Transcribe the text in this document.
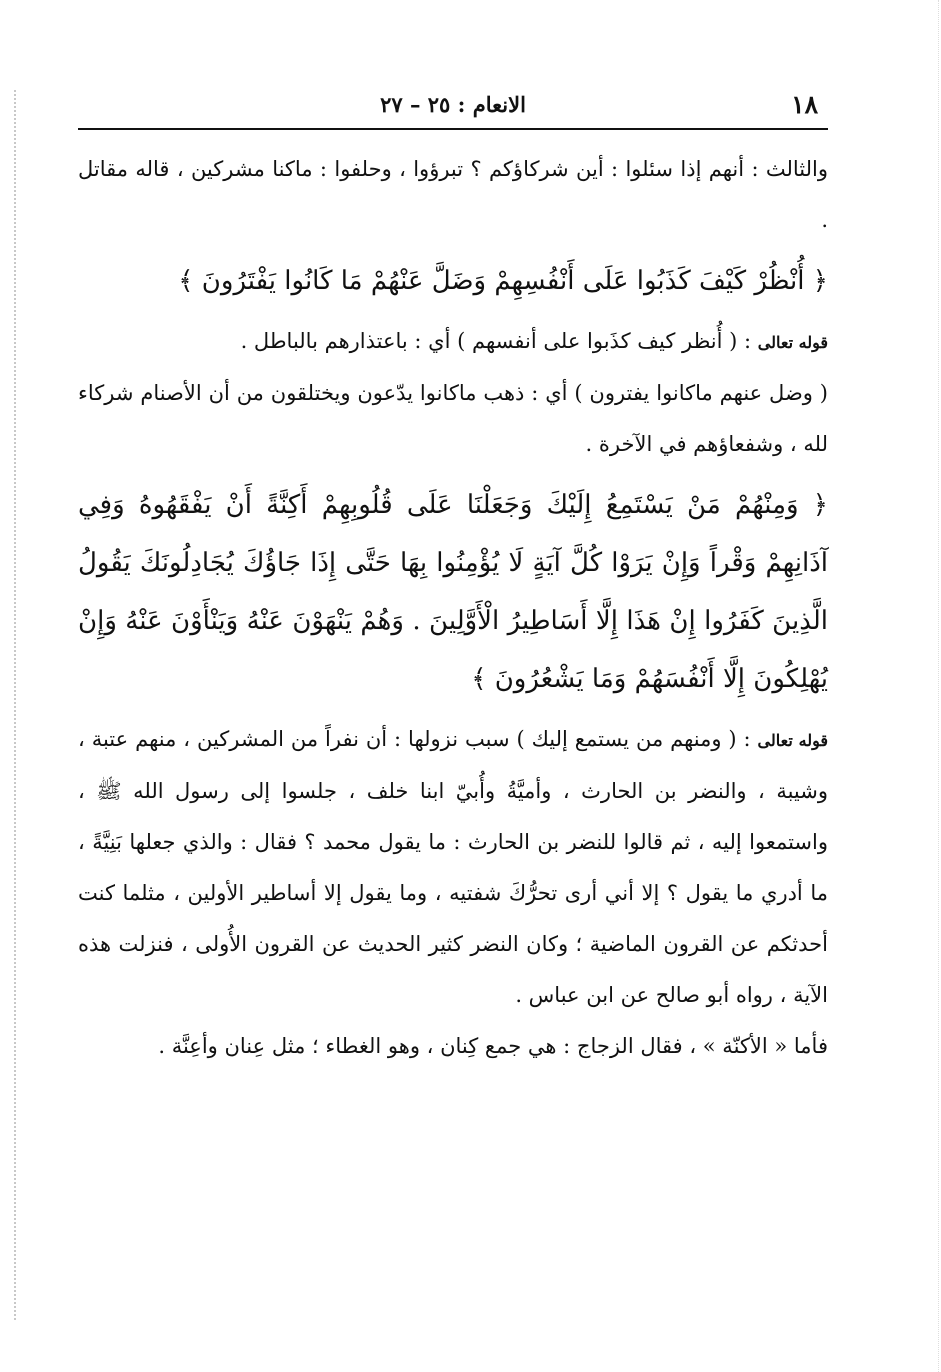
١٨
الانعام : ٢٥ – ٢٧

والثالث : أنهم إذا سئلوا : أين شركاؤكم ؟ تبرؤوا ، وحلفوا : ماكنا مشركين ، قاله مقاتل .

﴿ أُنْظُرْ كَيْفَ كَذَبُوا عَلَى أَنْفُسِهِمْ وَضَلَّ عَنْهُمْ مَا كَانُوا يَفْتَرُونَ ﴾

قوله تعالى : ( أُنظر كيف كذَبوا على أنفسهم ) أي : باعتذارهم بالباطل .

( وضل عنهم ماكانوا يفترون ) أي : ذهب ماكانوا يدّعون ويختلقون من أن الأصنام شركاء لله ، وشفعاؤهم في الآخرة .

﴿ وَمِنْهُمْ مَنْ يَسْتَمِعُ إِلَيْكَ وَجَعَلْنَا عَلَى قُلُوبِهِمْ أَكِنَّةً أَنْ يَفْقَهُوهُ وَفِي آذَانِهِمْ وَقْراً وَإِنْ يَرَوْا كُلَّ آيَةٍ لَا يُؤْمِنُوا بِهَا حَتَّى إِذَا جَاؤُكَ يُجَادِلُونَكَ يَقُولُ الَّذِينَ كَفَرُوا إِنْ هَذَا إِلَّا أَسَاطِيرُ الْأَوَّلِينَ . وَهُمْ يَنْهَوْنَ عَنْهُ وَيَنْأَوْنَ عَنْهُ وَإِنْ يُهْلِكُونَ إِلَّا أَنْفُسَهُمْ وَمَا يَشْعُرُونَ ﴾

قوله تعالى : ( ومنهم من يستمع إليك ) سبب نزولها : أن نفراً من المشركين ، منهم عتبة ، وشيبة ، والنضر بن الحارث ، وأميَّةُ وأُبيّ ابنا خلف ، جلسوا إلى رسول الله ﷺ ، واستمعوا إليه ، ثم قالوا للنضر بن الحارث : ما يقول محمد ؟ فقال : والذي جعلها بَنِيَّةً ، ما أدري ما يقول ؟ إلا أني أرى تحرُّكَ شفتيه ، وما يقول إلا أساطير الأولين ، مثلما كنت أحدثكم عن القرون الماضية ؛ وكان النضر كثير الحديث عن القرون الأُولى ، فنزلت هذه الآية ، رواه أبو صالح عن ابن عباس .

فأما « الأكنّة » ، فقال الزجاج : هي جمع كِنان ، وهو الغطاء ؛ مثل عِنان وأعِنَّة .
